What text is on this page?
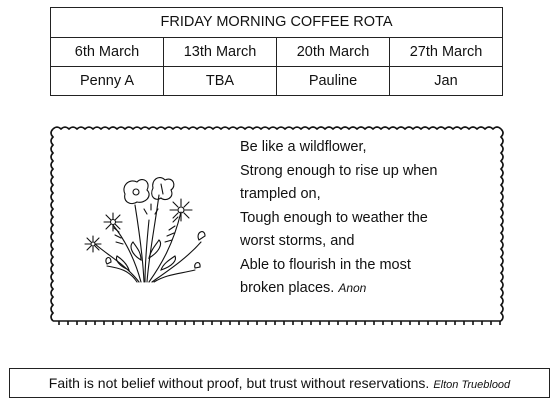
FRIDAY MORNING COFFEE ROTA			
6th March	13th March	20th March	27th March
Penny A	TBA	Pauline	Jan
Be like a wildflower,
Strong enough to rise up when
trampled on,
Tough enough to weather the
worst storms, and
Able to flourish in the most
broken places. Anon
Faith is not belief without proof, but trust without reservations. Elton Trueblood
